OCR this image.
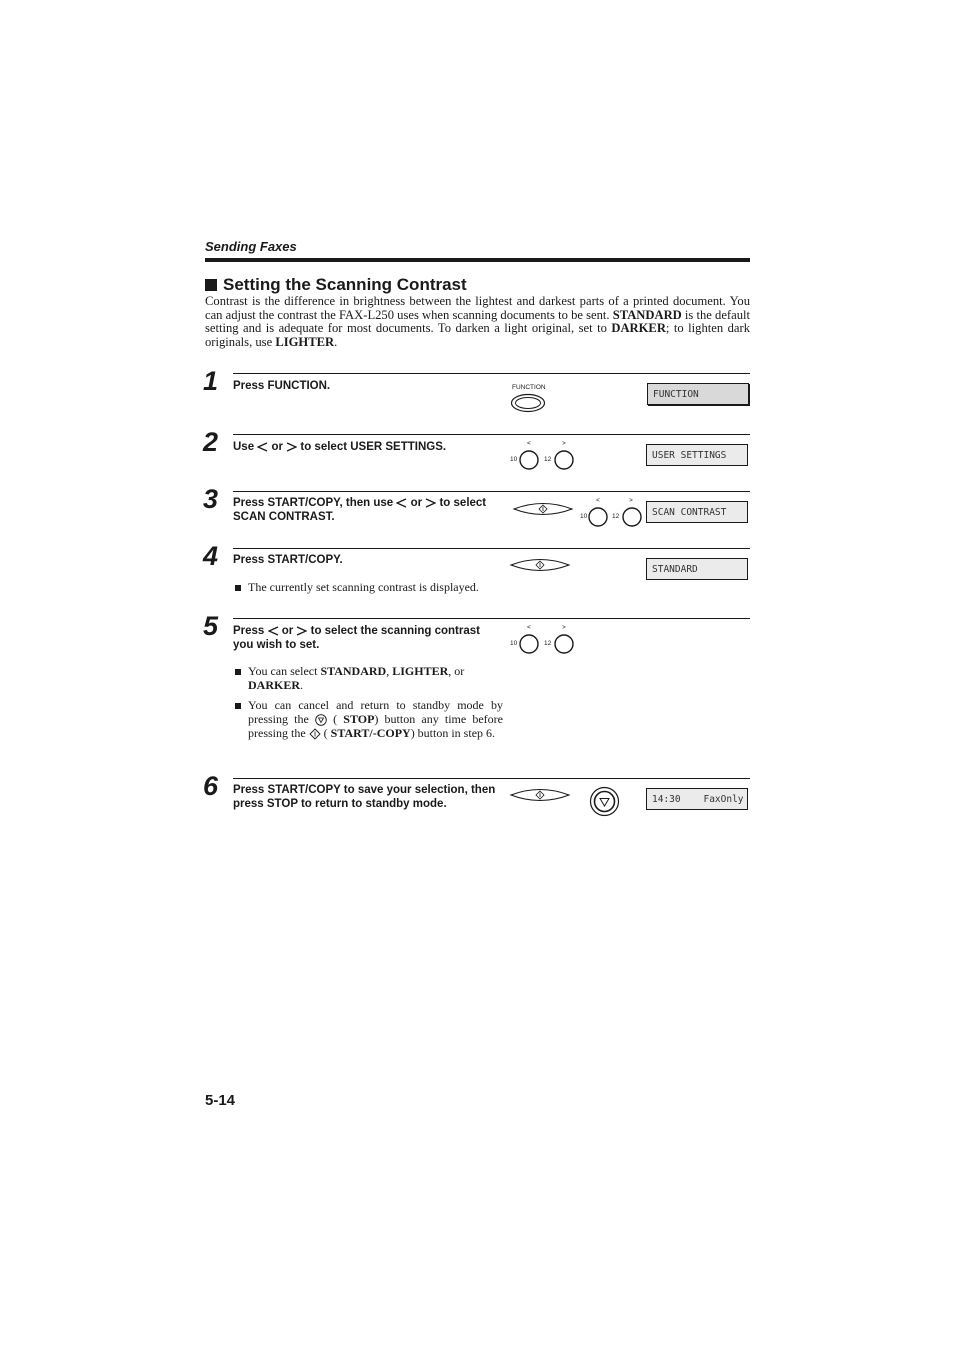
Sending Faxes
Setting the Scanning Contrast
Contrast is the difference in brightness between the lightest and darkest parts of a printed document. You can adjust the contrast the FAX-L250 uses when scanning documents to be sent. STANDARD is the default setting and is adequate for most documents. To darken a light original, set to DARKER; to lighten dark originals, use LIGHTER.
1 Press FUNCTION.	FUNCTION
FUNCTION
2 Use  or  to select USER SETTINGS.	<	>
10	12	USER SETTINGS
3 Press START/COPY, then use  or  to select SCAN CONTRAST.
<	>
10	12	SCAN CONTRAST
4 Press START/COPY.
The currently set scanning contrast is displayed.
STANDARD
5 Press  or  to select the scanning contrast you wish to set.
You can select STANDARD, LIGHTER, or DARKER.
You can cancel and return to standby mode by pressing the  ( STOP) button any time before pressing the  ( START/-COPY) button in step 6.
<	>
10	12
6 Press START/COPY to save your selection, then press STOP to return to standby mode.	14:30    FaxOnly
5-14
